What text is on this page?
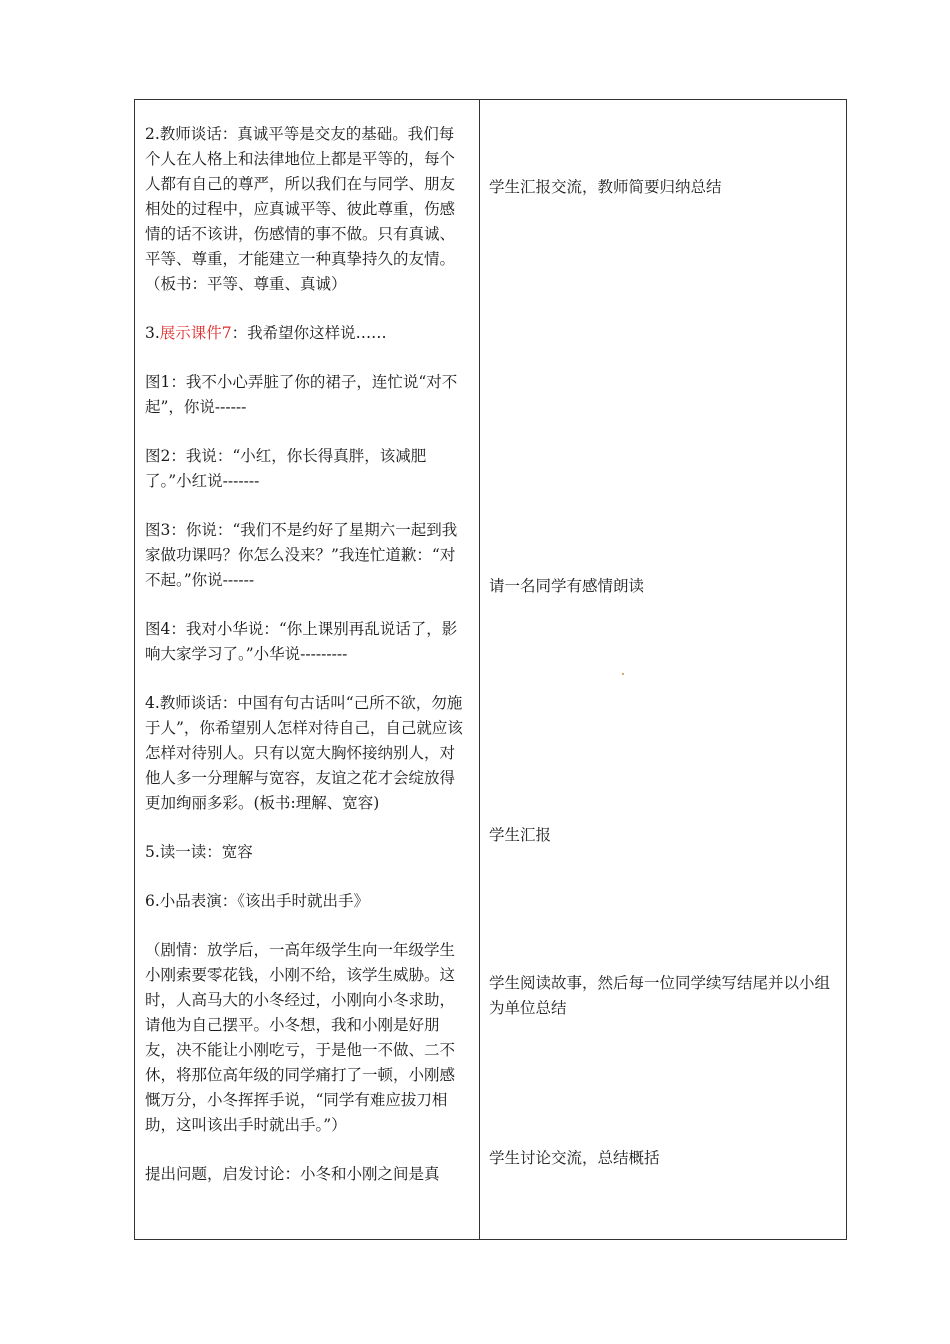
2.教师谈话：真诚平等是交友的基础。我们每个人在人格上和法律地位上都是平等的，每个人都有自己的尊严，所以我们在与同学、朋友相处的过程中，应真诚平等、彼此尊重，伤感情的话不该讲，伤感情的事不做。只有真诚、平等、尊重，才能建立一种真挚持久的友情。（板书：平等、尊重、真诚）

3.展示课件7：我希望你这样说……

图1：我不小心弄脏了你的裙子，连忙说“对不起”，你说------

图2：我说：“小红，你长得真胖，该减肥了。”小红说-------

图3：你说：“我们不是约好了星期六一起到我家做功课吗？你怎么没来？”我连忙道歉：“对不起。”你说------

图4：我对小华说：“你上课别再乱说话了，影响大家学习了。”小华说---------

4.教师谈话：中国有句古话叫“己所不欲，勿施于人”，你希望别人怎样对待自己，自己就应该怎样对待别人。只有以宽大胸怀接纳别人，对他人多一分理解与宽容，友谊之花才会绽放得更加绚丽多彩。(板书:理解、宽容)

5.读一读：宽容

6.小品表演：《该出手时就出手》

（剧情：放学后，一高年级学生向一年级学生小刚索要零花钱，小刚不给，该学生威胁。这时，人高马大的小冬经过，小刚向小冬求助，请他为自己摆平。小冬想，我和小刚是好朋友，决不能让小刚吃亏，于是他一不做、二不休，将那位高年级的同学痛打了一顿，小刚感慨万分，小冬挥挥手说，“同学有难应拔刀相助，这叫该出手时就出手。”）

提出问题，启发讨论：小冬和小刚之间是真

学生汇报交流，教师简要归纳总结

请一名同学有感情朗读

学生汇报

学生阅读故事，然后每一位同学续写结尾并以小组为单位总结

学生讨论交流，总结概括
